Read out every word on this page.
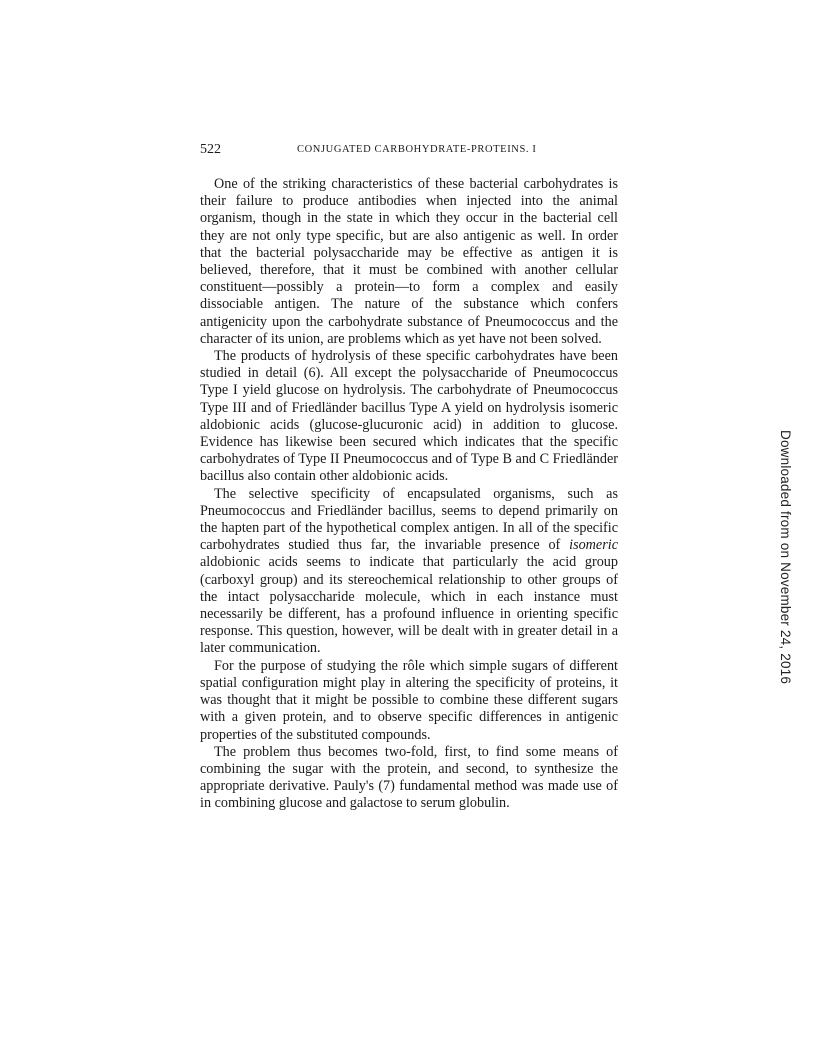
522	CONJUGATED CARBOHYDRATE-PROTEINS. I

One of the striking characteristics of these bacterial carbohydrates is their failure to produce antibodies when injected into the animal organism, though in the state in which they occur in the bacterial cell they are not only type specific, but are also antigenic as well. In order that the bacterial polysaccharide may be effective as antigen it is believed, therefore, that it must be combined with another cellular constituent—possibly a protein—to form a complex and easily dissociable antigen. The nature of the substance which confers antigenicity upon the carbohydrate substance of Pneumococcus and the character of its union, are problems which as yet have not been solved.

The products of hydrolysis of these specific carbohydrates have been studied in detail (6). All except the polysaccharide of Pneumococcus Type I yield glucose on hydrolysis. The carbohydrate of Pneumococcus Type III and of Friedländer bacillus Type A yield on hydrolysis isomeric aldobionic acids (glucose-glucuronic acid) in addition to glucose. Evidence has likewise been secured which indicates that the specific carbohydrates of Type II Pneumococcus and of Type B and C Friedländer bacillus also contain other aldobionic acids.

The selective specificity of encapsulated organisms, such as Pneumococcus and Friedländer bacillus, seems to depend primarily on the hapten part of the hypothetical complex antigen. In all of the specific carbohydrates studied thus far, the invariable presence of isomeric aldobionic acids seems to indicate that particularly the acid group (carboxyl group) and its stereochemical relationship to other groups of the intact polysaccharide molecule, which in each instance must necessarily be different, has a profound influence in orienting specific response. This question, however, will be dealt with in greater detail in a later communication.

For the purpose of studying the rôle which simple sugars of different spatial configuration might play in altering the specificity of proteins, it was thought that it might be possible to combine these different sugars with a given protein, and to observe specific differences in antigenic properties of the substituted compounds.

The problem thus becomes two-fold, first, to find some means of combining the sugar with the protein, and second, to synthesize the appropriate derivative. Pauly's (7) fundamental method was made use of in combining glucose and galactose to serum globulin.

Downloaded from on November 24, 2016
